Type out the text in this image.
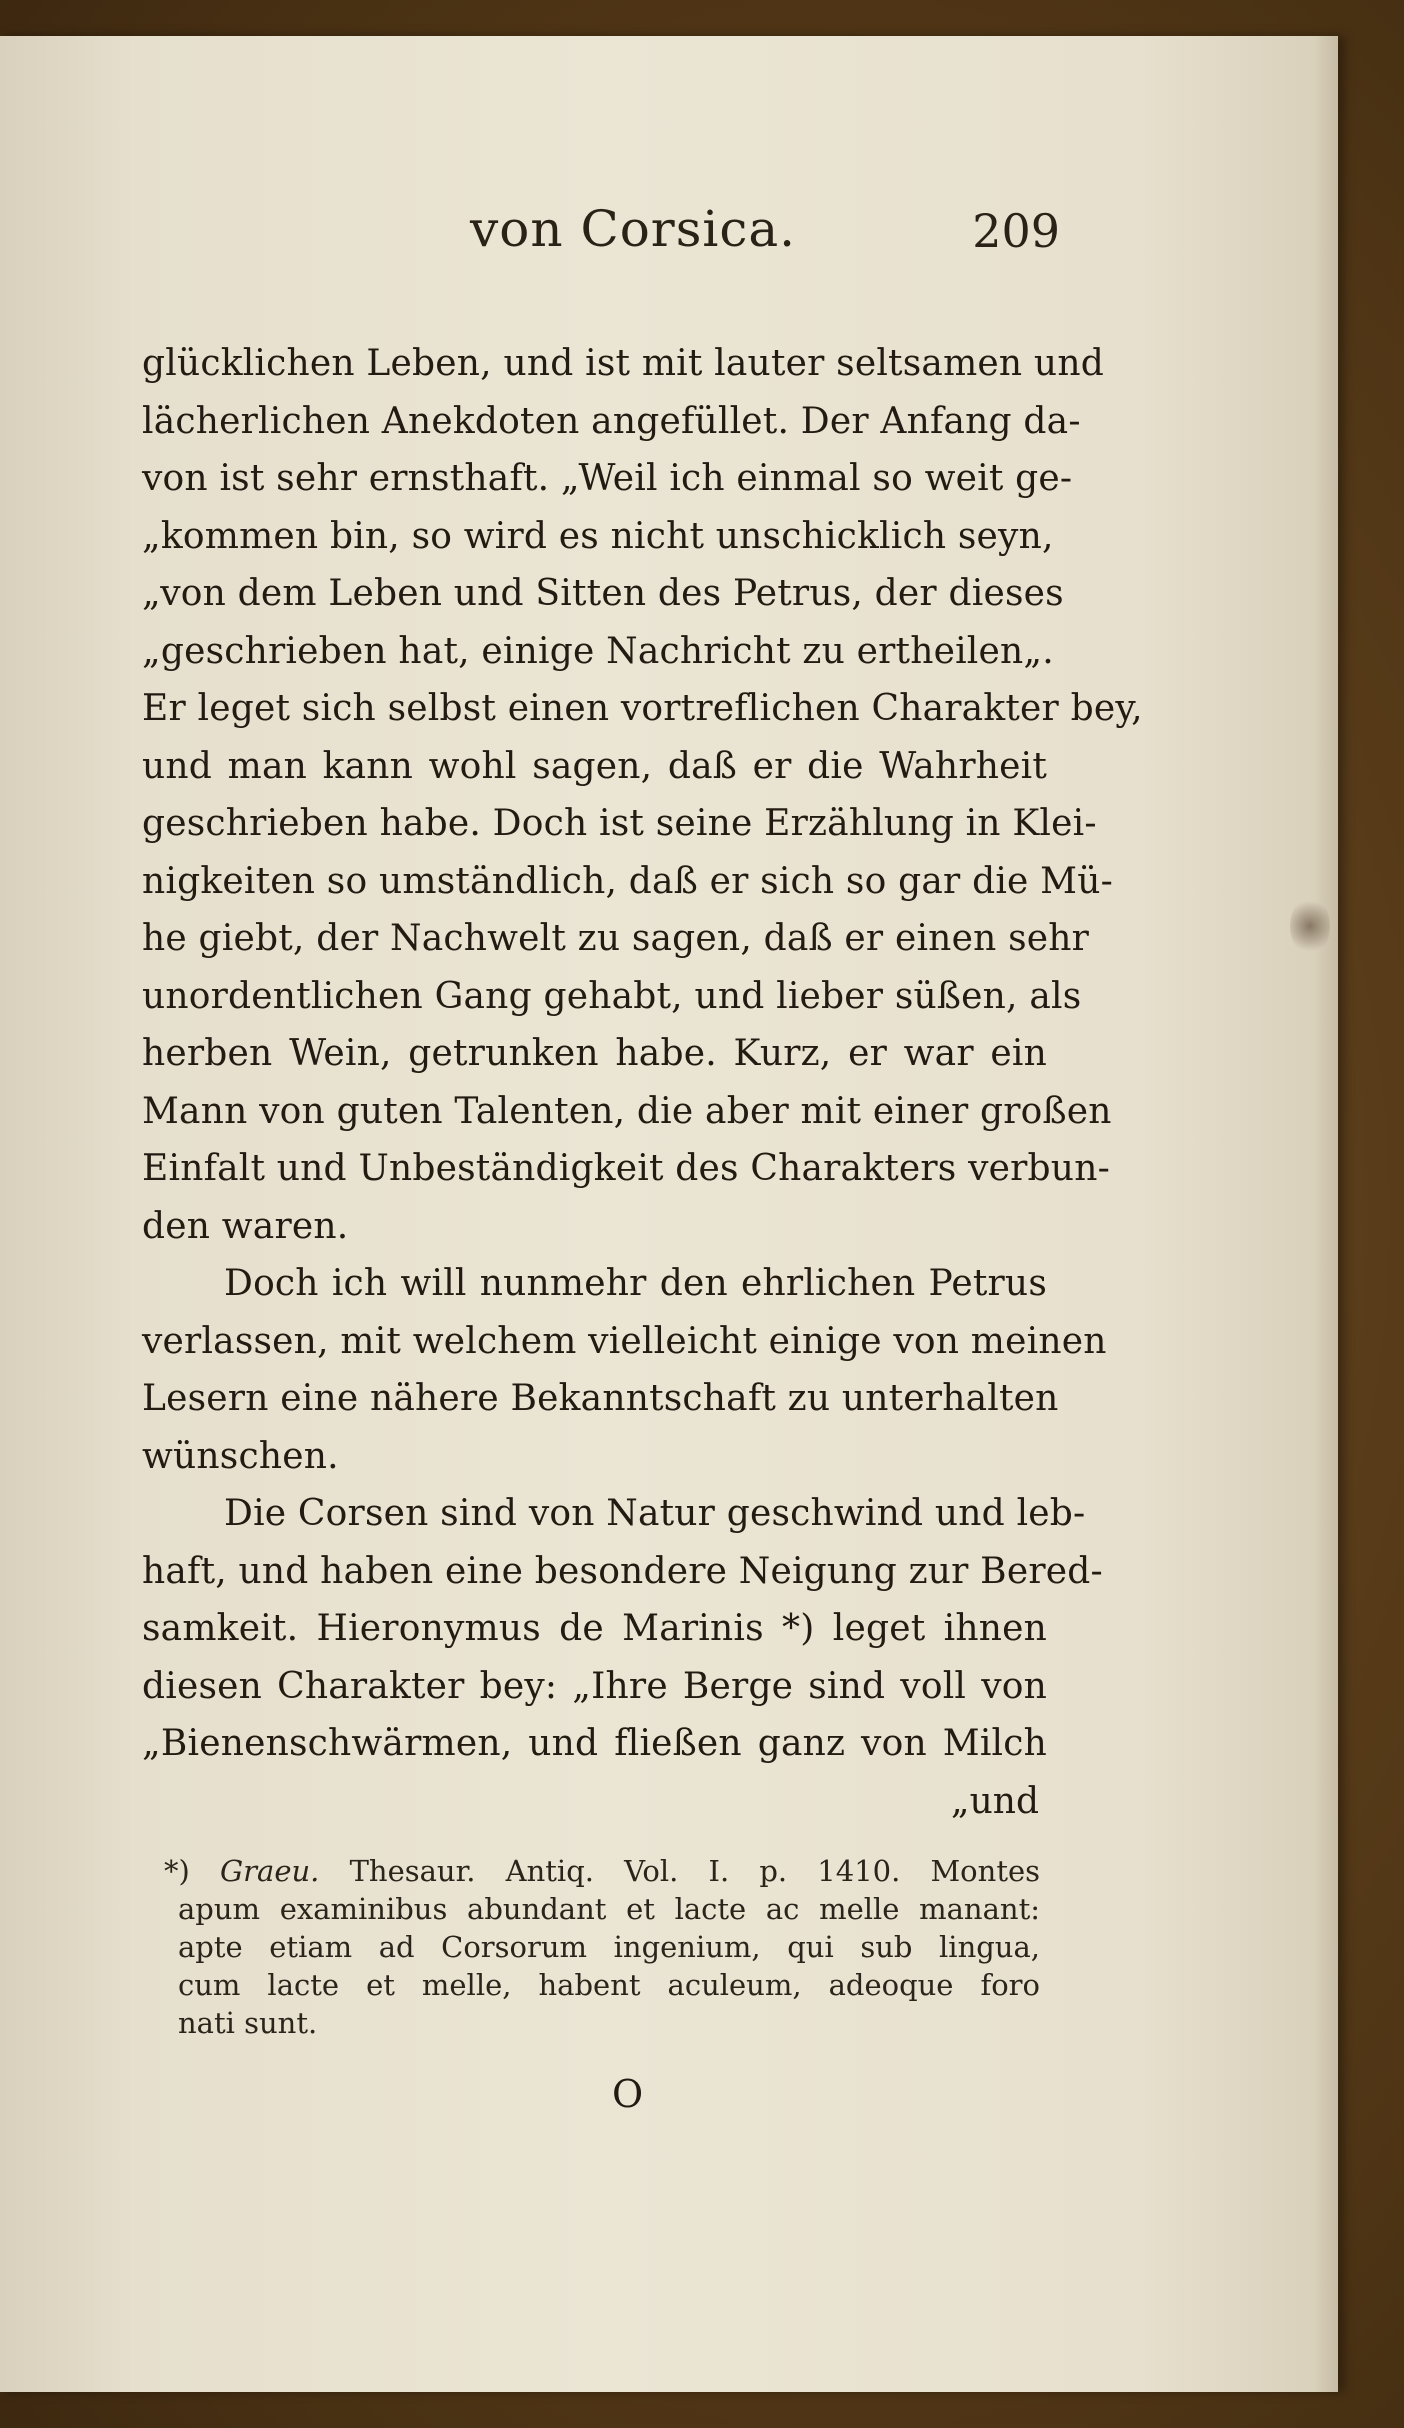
von Corsica.	209
glücklichen Leben, und ist mit lauter seltsamen und
lächerlichen Anekdoten angefüllet. Der Anfang da-
von ist sehr ernsthaft. „Weil ich einmal so weit ge-
„kommen bin, so wird es nicht unschicklich seyn,
„von dem Leben und Sitten des Petrus, der dieses
„geschrieben hat, einige Nachricht zu ertheilen„.
Er leget sich selbst einen vortreflichen Charakter bey,
und man kann wohl sagen, daß er die Wahrheit
geschrieben habe. Doch ist seine Erzählung in Klei-
nigkeiten so umständlich, daß er sich so gar die Mü-
he giebt, der Nachwelt zu sagen, daß er einen sehr
unordentlichen Gang gehabt, und lieber süßen, als
herben Wein, getrunken habe. Kurz, er war ein
Mann von guten Talenten, die aber mit einer großen
Einfalt und Unbeständigkeit des Charakters verbun-
den waren.
Doch ich will nunmehr den ehrlichen Petrus
verlassen, mit welchem vielleicht einige von meinen
Lesern eine nähere Bekanntschaft zu unterhalten
wünschen.
Die Corsen sind von Natur geschwind und leb-
haft, und haben eine besondere Neigung zur Bered-
samkeit. Hieronymus de Marinis *) leget ihnen
diesen Charakter bey: „Ihre Berge sind voll von
„Bienenschwärmen, und fließen ganz von Milch
„und
*) Graeu. Thesaur. Antiq. Vol. I. p. 1410. Montes
apum examinibus abundant et lacte ac melle manant:
apte etiam ad Corsorum ingenium, qui sub lingua,
cum lacte et melle, habent aculeum, adeoque foro
nati sunt.
O
